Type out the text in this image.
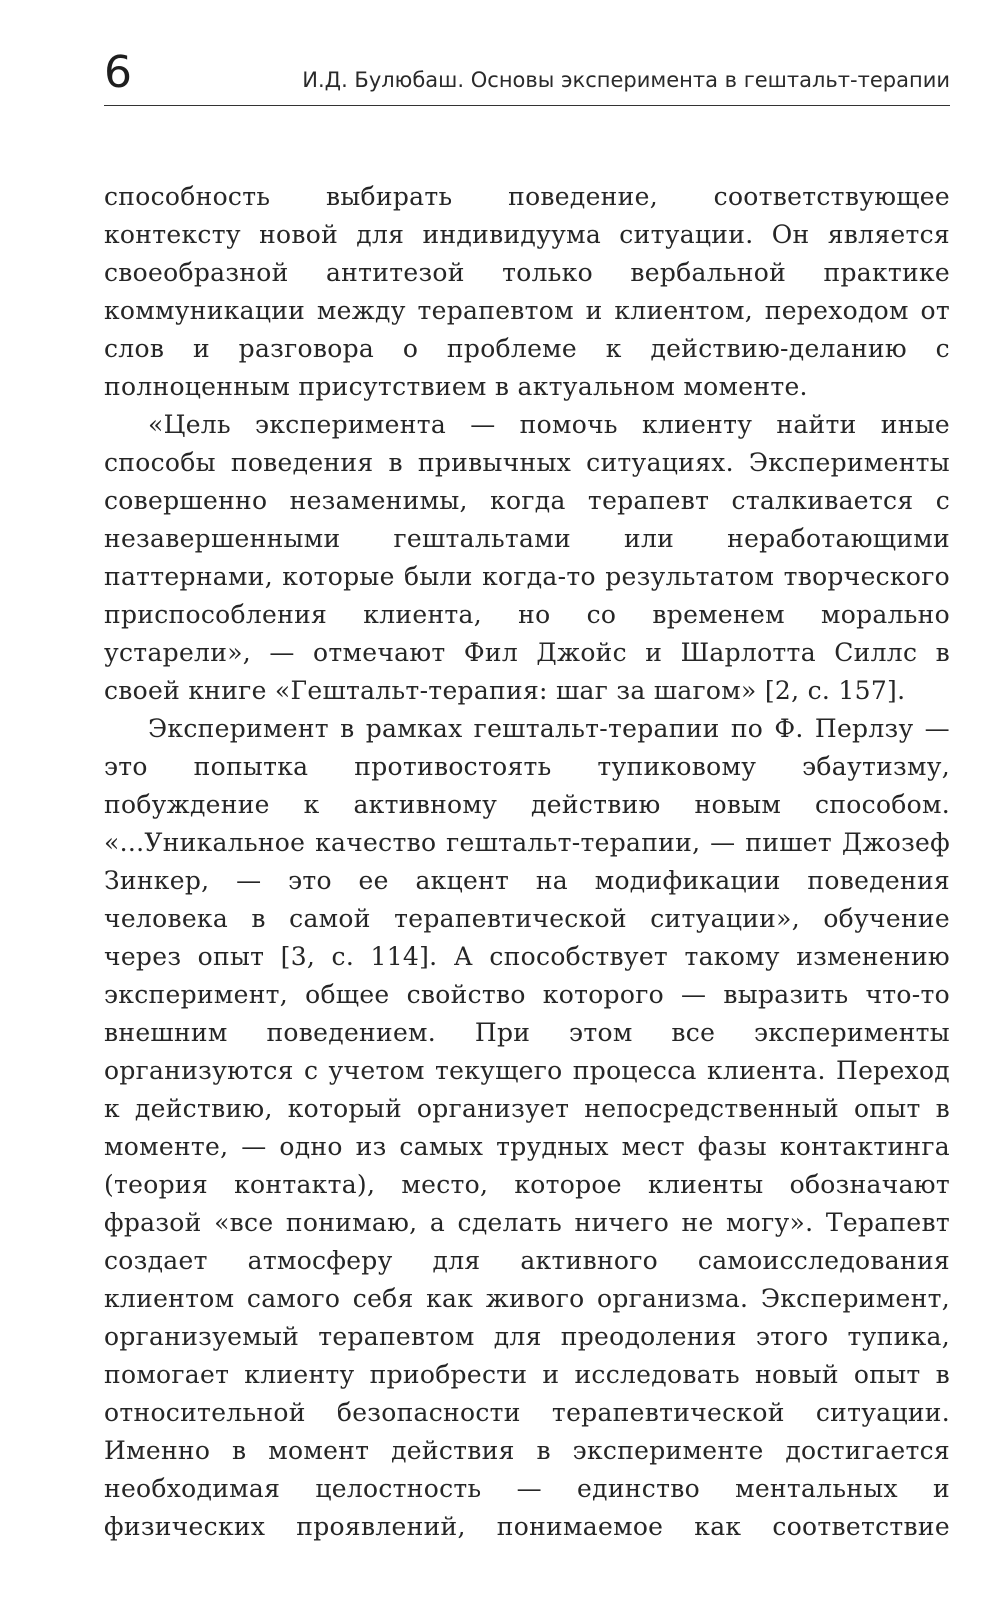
6	И.Д. Булюбаш. Основы эксперимента в гештальт-терапии

способность выбирать поведение, соответствующее контексту новой для индивидуума ситуации. Он является своеобразной антитезой только вербальной практике коммуникации между терапевтом и клиентом, переходом от слов и разговора о проблеме к действию-деланию с полноценным присутствием в актуальном моменте.

«Цель эксперимента — помочь клиенту найти иные способы поведения в привычных ситуациях. Эксперименты совершенно незаменимы, когда терапевт сталкивается с незавершенными гештальтами или неработающими паттернами, которые были когда-то результатом творческого приспособления клиента, но со временем морально устарели», — отмечают Фил Джойс и Шарлотта Силлс в своей книге «Гештальт-терапия: шаг за шагом» [2, с. 157].

Эксперимент в рамках гештальт-терапии по Ф. Перлзу — это попытка противостоять тупиковому эбаутизму, побуждение к активному действию новым способом. «...Уникальное качество гештальт-терапии, — пишет Джозеф Зинкер, — это ее акцент на модификации поведения человека в самой терапевтической ситуации», обучение через опыт [3, с. 114]. А способствует такому изменению эксперимент, общее свойство которого — выразить что-то внешним поведением. При этом все эксперименты организуются с учетом текущего процесса клиента. Переход к действию, который организует непосредственный опыт в моменте, — одно из самых трудных мест фазы контактинга (теория контакта), место, которое клиенты обозначают фразой «все понимаю, а сделать ничего не могу». Терапевт создает атмосферу для активного самоисследования клиентом самого себя как живого организма. Эксперимент, организуемый терапевтом для преодоления этого тупика, помогает клиенту приобрести и исследовать новый опыт в относительной безопасности терапевтической ситуации. Именно в момент действия в эксперименте достигается необходимая целостность — единство ментальных и физических проявлений, понимаемое как соответствие
